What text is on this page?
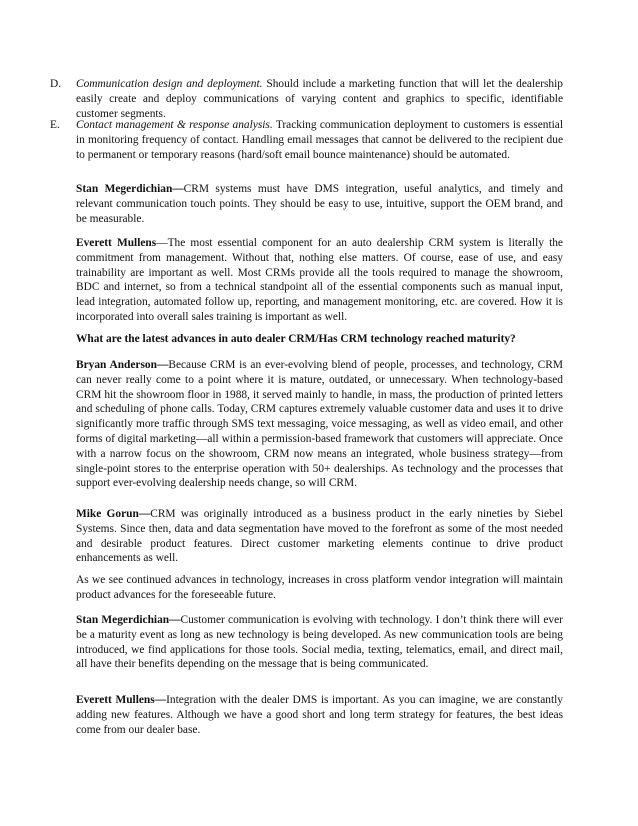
D.	Communication design and deployment. Should include a marketing function that will let the dealership easily create and deploy communications of varying content and graphics to specific, identifiable customer segments.

E.	Contact management & response analysis. Tracking communication deployment to customers is essential in monitoring frequency of contact. Handling email messages that cannot be delivered to the recipient due to permanent or temporary reasons (hard/soft email bounce maintenance) should be automated.

Stan Megerdichian—CRM systems must have DMS integration, useful analytics, and timely and relevant communication touch points. They should be easy to use, intuitive, support the OEM brand, and be measurable.

Everett Mullens—The most essential component for an auto dealership CRM system is literally the commitment from management. Without that, nothing else matters. Of course, ease of use, and easy trainability are important as well. Most CRMs provide all the tools required to manage the showroom, BDC and internet, so from a technical standpoint all of the essential components such as manual input, lead integration, automated follow up, reporting, and management monitoring, etc. are covered. How it is incorporated into overall sales training is important as well.

What are the latest advances in auto dealer CRM/Has CRM technology reached maturity?

Bryan Anderson—Because CRM is an ever-evolving blend of people, processes, and technology, CRM can never really come to a point where it is mature, outdated, or unnecessary. When technology-based CRM hit the showroom floor in 1988, it served mainly to handle, in mass, the production of printed letters and scheduling of phone calls. Today, CRM captures extremely valuable customer data and uses it to drive significantly more traffic through SMS text messaging, voice messaging, as well as video email, and other forms of digital marketing—all within a permission-based framework that customers will appreciate. Once with a narrow focus on the showroom, CRM now means an integrated, whole business strategy—from single-point stores to the enterprise operation with 50+ dealerships. As technology and the processes that support ever-evolving dealership needs change, so will CRM.

Mike Gorun—CRM was originally introduced as a business product in the early nineties by Siebel Systems. Since then, data and data segmentation have moved to the forefront as some of the most needed and desirable product features. Direct customer marketing elements continue to drive product enhancements as well.

As we see continued advances in technology, increases in cross platform vendor integration will maintain product advances for the foreseeable future.

Stan Megerdichian—Customer communication is evolving with technology. I don’t think there will ever be a maturity event as long as new technology is being developed. As new communication tools are being introduced, we find applications for those tools. Social media, texting, telematics, email, and direct mail, all have their benefits depending on the message that is being communicated.

Everett Mullens—Integration with the dealer DMS is important. As you can imagine, we are constantly adding new features. Although we have a good short and long term strategy for features, the best ideas come from our dealer base.
